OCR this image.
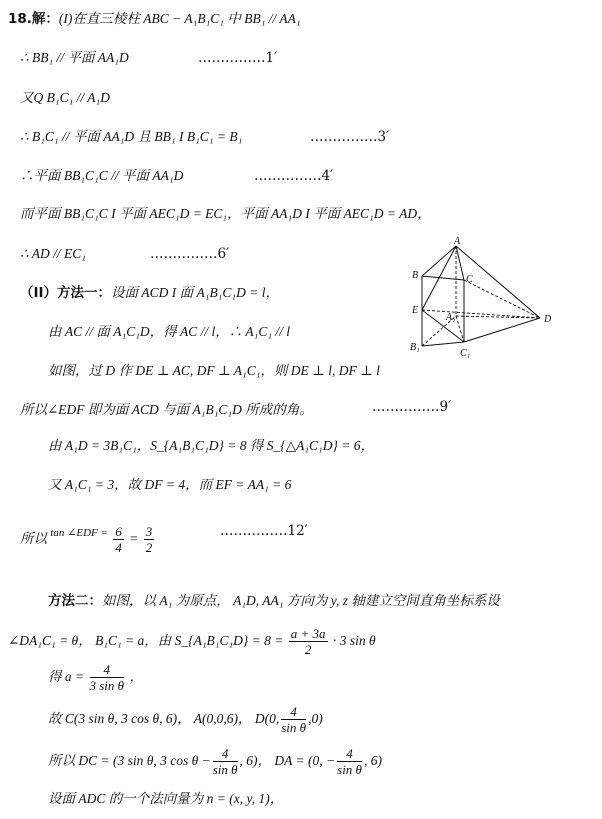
18.解：(I)在直三棱柱 ABC − A₁B₁C₁ 中 BB₁ // AA₁
∴ BB₁ // 平面 AA₁D	……………1′
又Q B₁C₁ // A₁D
∴ B₁C₁ // 平面 AA₁D 且 BB₁ I B₁C₁ = B₁	……………3′
∴平面 BB₁C₁C // 平面 AA₁D	……………4′
而平面 BB₁C₁C I 平面 AEC₁D = EC₁，平面 AA₁D I 平面 AEC₁D = AD，
∴ AD // EC₁	……………6′
（II）方法一：设面 ACD I 面 A₁B₁C₁D = l，
由 AC // 面 A₁C₁D，得 AC // l，∴ A₁C₁ // l
如图，过 D 作 DE ⊥ AC, DF ⊥ A₁C₁，则 DE ⊥ l, DF ⊥ l
所以∠EDF 即为面 ACD 与面 A₁B₁C₁D 所成的角。	……………9′
由 A₁D = 3B₁C₁，S_{A₁B₁C₁D} = 8 得 S_{△A₁C₁D} = 6，
又 A₁C₁ = 3，故 DF = 4，而 EF = AA₁ = 6
所以 $^{tan \angle EDF =} \frac{6}{4} = \frac{3}{2}$	……………12′
方法二：如图，以 A₁ 为原点， A₁D, AA₁ 方向为 y, z 轴建立空间直角坐标系设
∠DA₁C₁ = θ， B₁C₁ = a，由 S_{A₁B₁C₁D} = $8 = \frac{a + 3a}{2} \cdot 3$ sin θ
得 $a = \frac{4}{\text{3 sin θ}}$ ，
故 C(3 sin θ, 3 cos θ, 6)， A(0,0,6)， D(0, $\frac{4}{\text{sin θ}} ,0$)
所以 DC = (3 sin θ, 3 $\cos \theta - \frac{4}{\text{sin θ}}$ , 6)， DA = (0, − $\frac{4}{\text{sin θ}}$ , 6)
设面 ADC 的一个法向量为 n = (x, y, 1)，
A
B	C
E
A₁
B₁
C₁
D
